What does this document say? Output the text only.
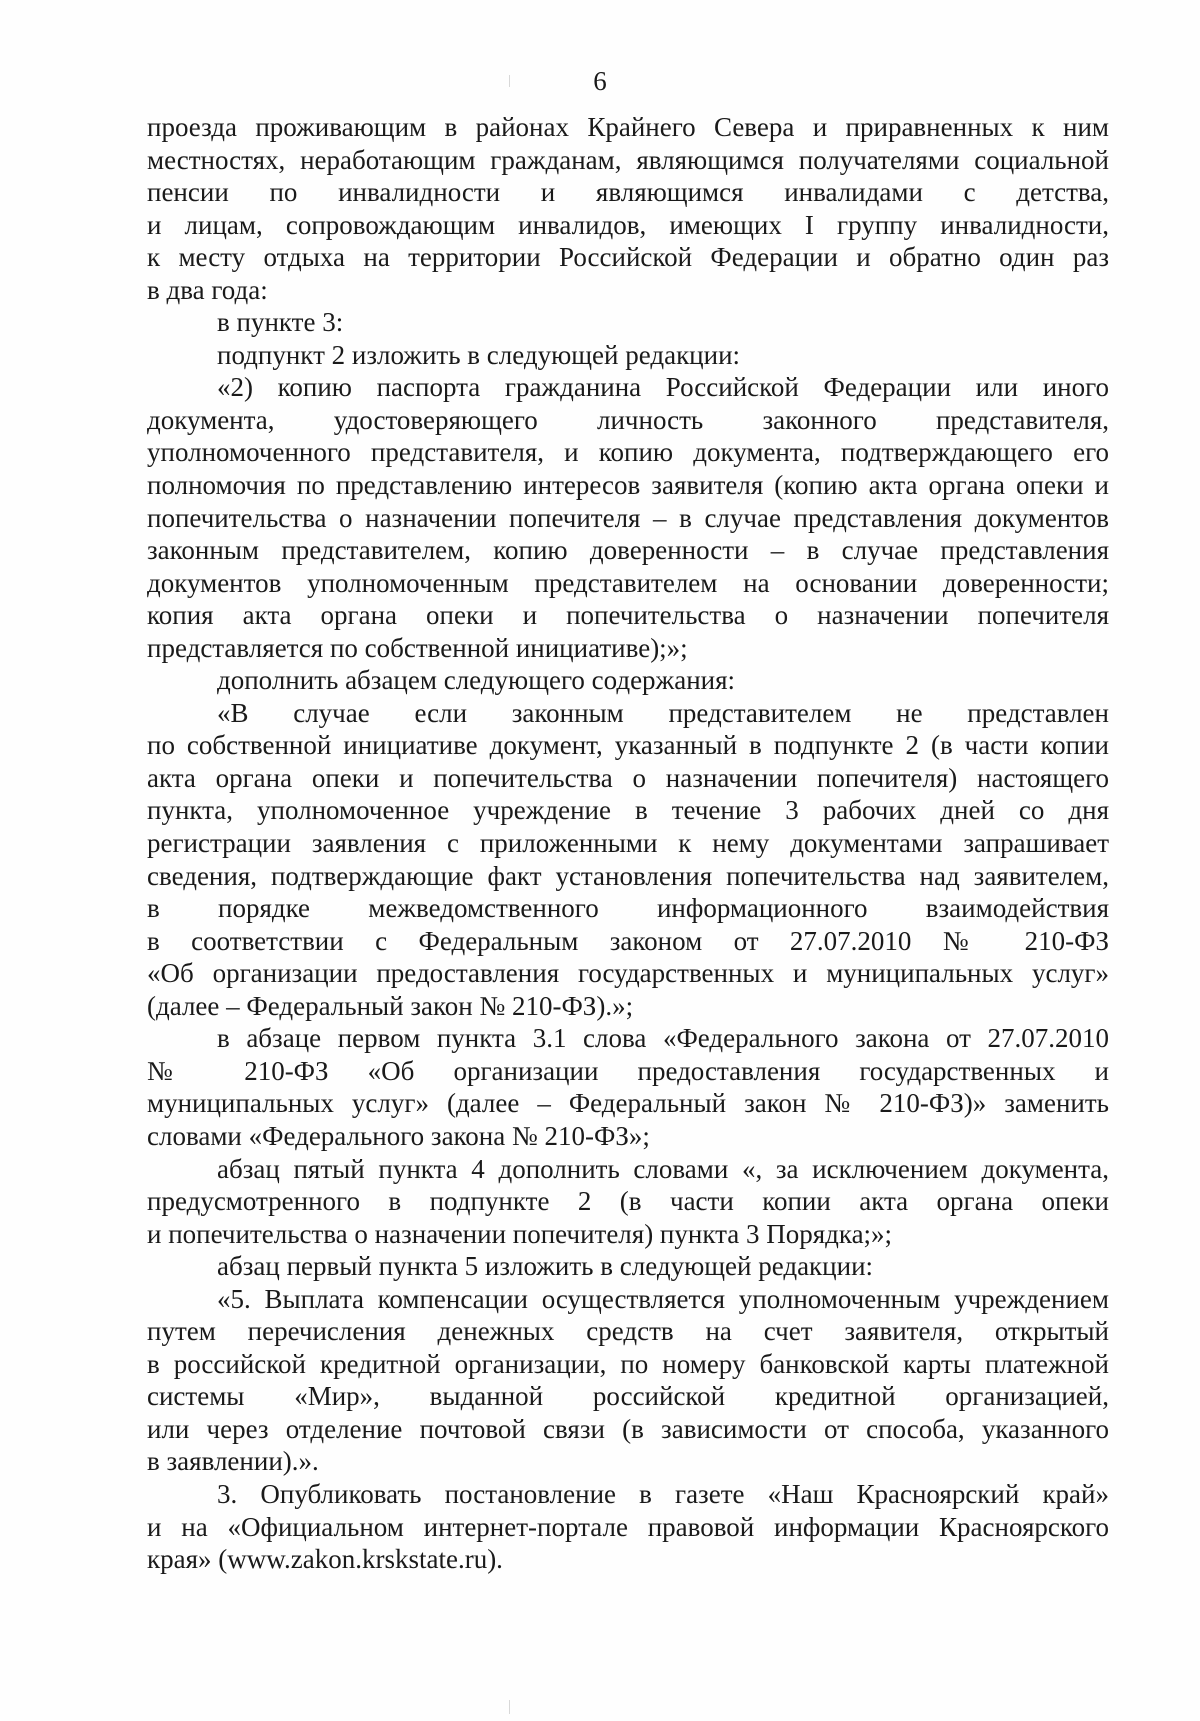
6
проезда проживающим в районах Крайнего Севера и приравненных к ним
местностях, неработающим гражданам, являющимся получателями социальной
пенсии по инвалидности и являющимся инвалидами с детства,
и лицам, сопровождающим инвалидов, имеющих I группу инвалидности,
к месту отдыха на территории Российской Федерации и обратно один раз
в два года:
в пункте 3:
подпункт 2 изложить в следующей редакции:
«2) копию паспорта гражданина Российской Федерации или иного
документа, удостоверяющего личность законного представителя,
уполномоченного представителя, и копию документа, подтверждающего его
полномочия по представлению интересов заявителя (копию акта органа опеки и
попечительства о назначении попечителя – в случае представления документов
законным представителем, копию доверенности – в случае представления
документов уполномоченным представителем на основании доверенности;
копия акта органа опеки и попечительства о назначении попечителя
представляется по собственной инициативе);»;
дополнить абзацем следующего содержания:
«В случае если законным представителем не представлен
по собственной инициативе документ, указанный в подпункте 2 (в части копии
акта органа опеки и попечительства о назначении попечителя) настоящего
пункта, уполномоченное учреждение в течение 3 рабочих дней со дня
регистрации заявления с приложенными к нему документами запрашивает
сведения, подтверждающие факт установления попечительства над заявителем,
в порядке межведомственного информационного взаимодействия
в соответствии с Федеральным законом от 27.07.2010 № 210-ФЗ
«Об организации предоставления государственных и муниципальных услуг»
(далее – Федеральный закон № 210-ФЗ).»;
в абзаце первом пункта 3.1 слова «Федерального закона от 27.07.2010
№ 210-ФЗ «Об организации предоставления государственных и
муниципальных услуг» (далее – Федеральный закон № 210-ФЗ)» заменить
словами «Федерального закона № 210-ФЗ»;
абзац пятый пункта 4 дополнить словами «, за исключением документа,
предусмотренного в подпункте 2 (в части копии акта органа опеки
и попечительства о назначении попечителя) пункта 3 Порядка;»;
абзац первый пункта 5 изложить в следующей редакции:
«5. Выплата компенсации осуществляется уполномоченным учреждением
путем перечисления денежных средств на счет заявителя, открытый
в российской кредитной организации, по номеру банковской карты платежной
системы «Мир», выданной российской кредитной организацией,
или через отделение почтовой связи (в зависимости от способа, указанного
в заявлении).».
3. Опубликовать постановление в газете «Наш Красноярский край»
и на «Официальном интернет-портале правовой информации Красноярского
края» (www.zakon.krskstate.ru).
